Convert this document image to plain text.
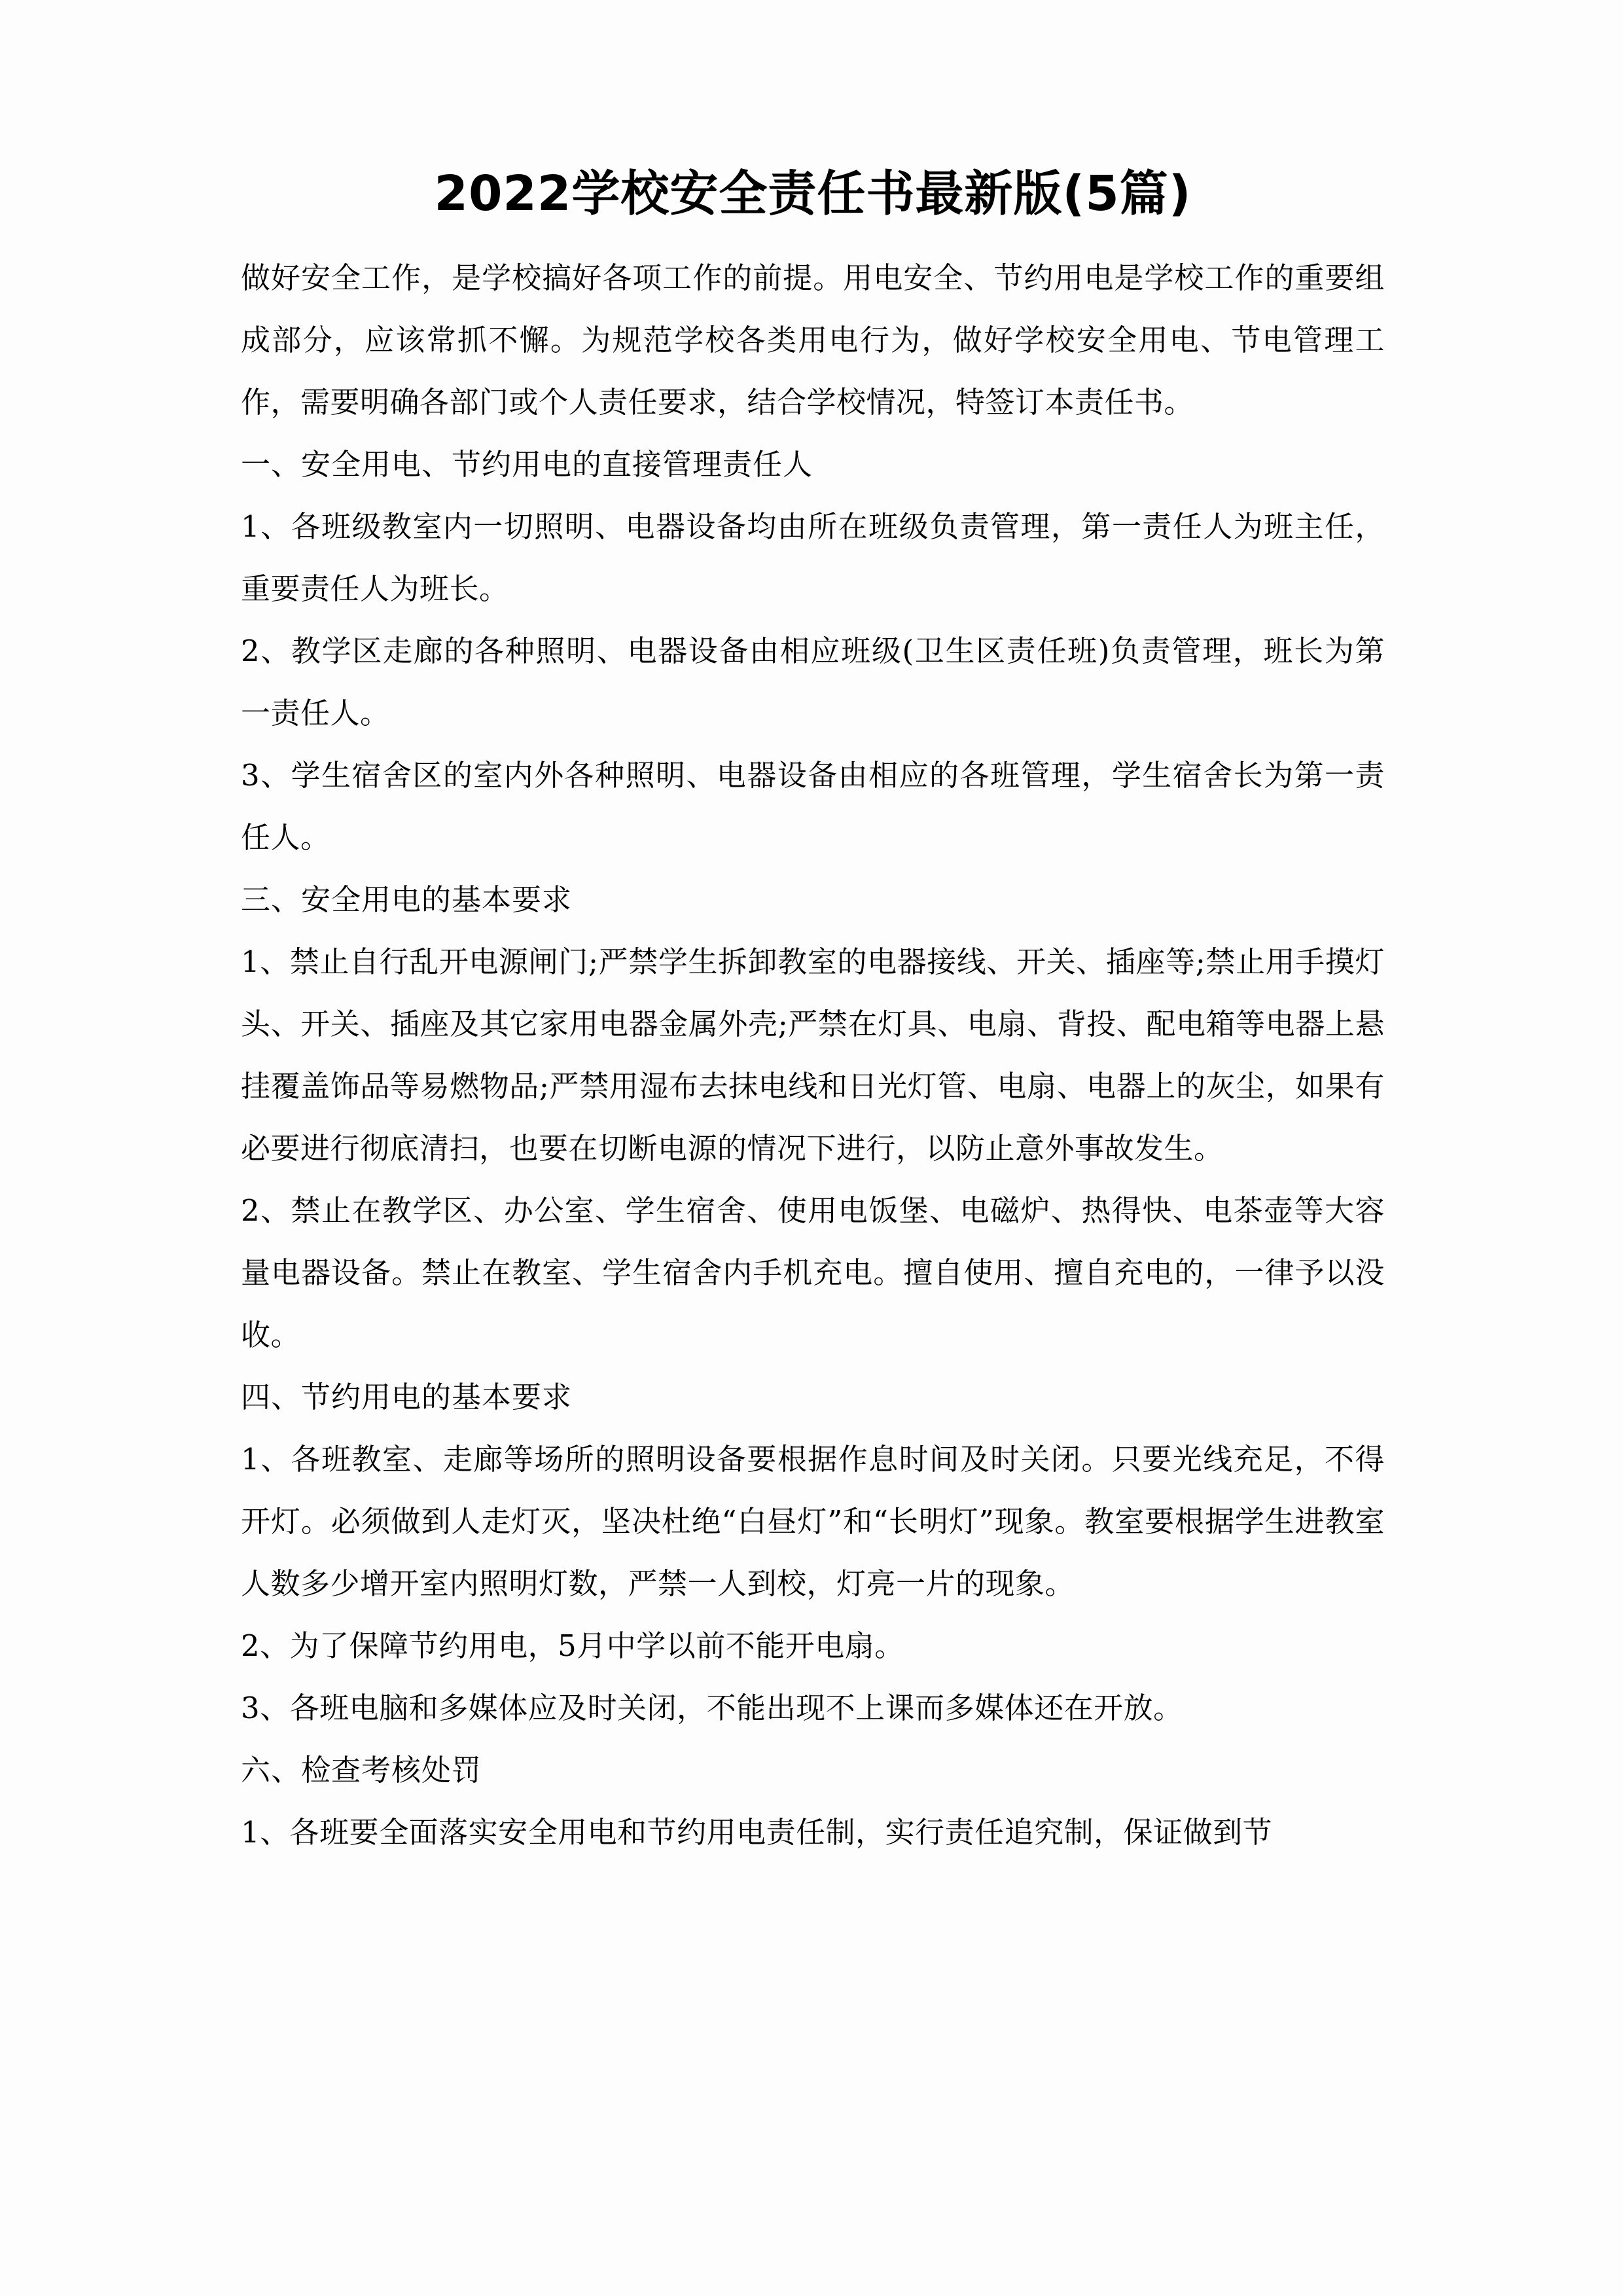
2022学校安全责任书最新版(5篇)

做好安全工作，是学校搞好各项工作的前提。用电安全、节约用电是学校工作的重要组成部分，应该常抓不懈。为规范学校各类用电行为，做好学校安全用电、节电管理工作，需要明确各部门或个人责任要求，结合学校情况，特签订本责任书。

一、安全用电、节约用电的直接管理责任人

1、各班级教室内一切照明、电器设备均由所在班级负责管理，第一责任人为班主任，重要责任人为班长。

2、教学区走廊的各种照明、电器设备由相应班级(卫生区责任班)负责管理，班长为第一责任人。

3、学生宿舍区的室内外各种照明、电器设备由相应的各班管理，学生宿舍长为第一责任人。

三、安全用电的基本要求

1、禁止自行乱开电源闸门;严禁学生拆卸教室的电器接线、开关、插座等;禁止用手摸灯头、开关、插座及其它家用电器金属外壳;严禁在灯具、电扇、背投、配电箱等电器上悬挂覆盖饰品等易燃物品;严禁用湿布去抹电线和日光灯管、电扇、电器上的灰尘，如果有必要进行彻底清扫，也要在切断电源的情况下进行，以防止意外事故发生。

2、禁止在教学区、办公室、学生宿舍、使用电饭堡、电磁炉、热得快、电茶壶等大容量电器设备。禁止在教室、学生宿舍内手机充电。擅自使用、擅自充电的，一律予以没收。

四、节约用电的基本要求

1、各班教室、走廊等场所的照明设备要根据作息时间及时关闭。只要光线充足，不得开灯。必须做到人走灯灭，坚决杜绝“白昼灯”和“长明灯”现象。教室要根据学生进教室人数多少增开室内照明灯数，严禁一人到校，灯亮一片的现象。

2、为了保障节约用电，5月中学以前不能开电扇。

3、各班电脑和多媒体应及时关闭，不能出现不上课而多媒体还在开放。

六、检查考核处罚

1、各班要全面落实安全用电和节约用电责任制，实行责任追究制，保证做到节
